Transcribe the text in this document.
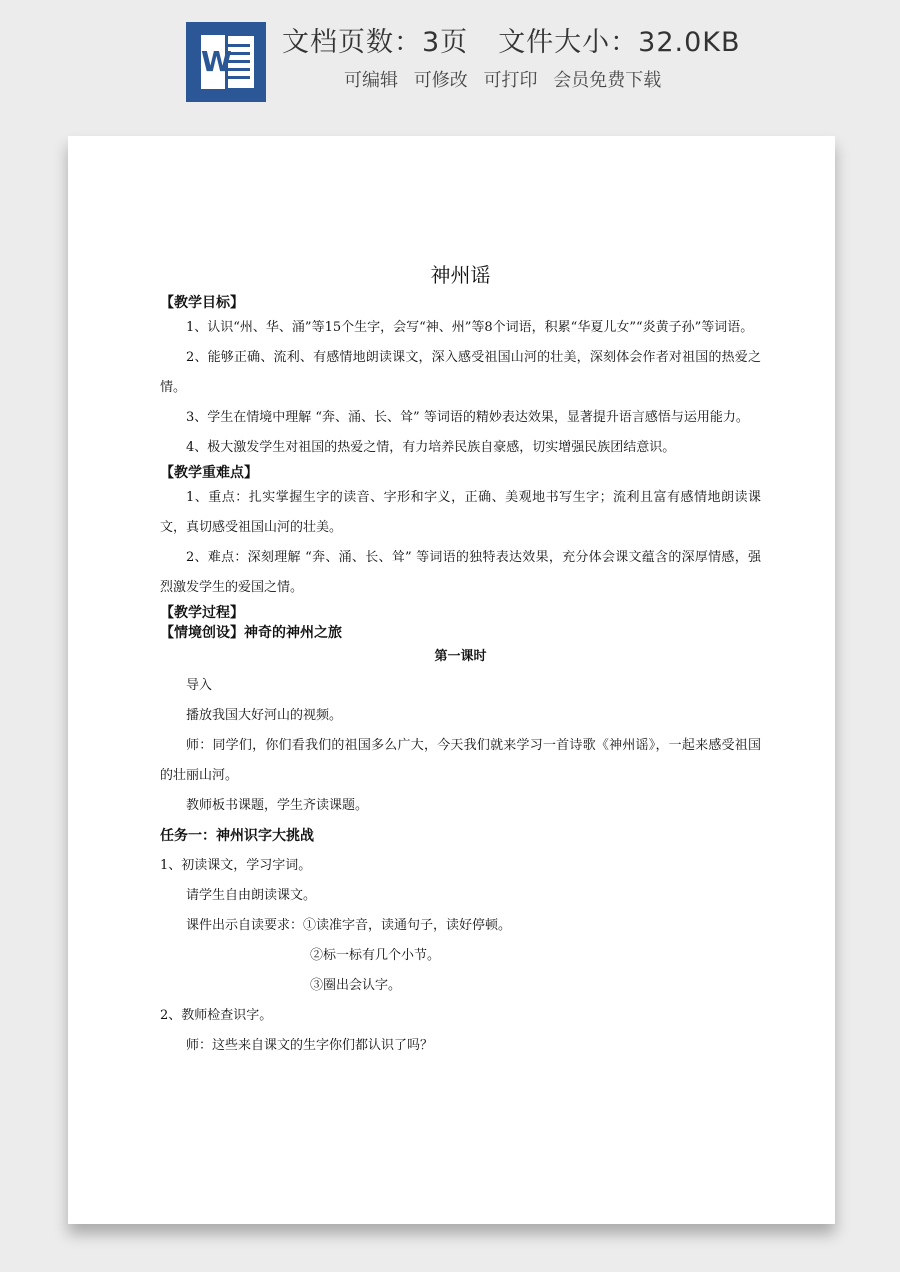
W
文档页数：3页 文件大小：32.0KB
可编辑 可修改 可打印 会员免费下载

神州谣

【教学目标】

1、认识“州、华、涌”等15个生字，会写“神、州”等8个词语，积累“华夏儿女”“炎黄子孙”等词语。

2、能够正确、流利、有感情地朗读课文，深入感受祖国山河的壮美，深刻体会作者对祖国的热爱之情。

3、学生在情境中理解 “奔、涌、长、耸” 等词语的精妙表达效果，显著提升语言感悟与运用能力。

4、极大激发学生对祖国的热爱之情，有力培养民族自豪感，切实增强民族团结意识。

【教学重难点】

1、重点：扎实掌握生字的读音、字形和字义，正确、美观地书写生字；流利且富有感情地朗读课文，真切感受祖国山河的壮美。

2、难点：深刻理解 “奔、涌、长、耸” 等词语的独特表达效果，充分体会课文蕴含的深厚情感，强烈激发学生的爱国之情。

【教学过程】

【情境创设】神奇的神州之旅

第一课时

导入

播放我国大好河山的视频。

师：同学们，你们看我们的祖国多么广大，今天我们就来学习一首诗歌《神州谣》，一起来感受祖国的壮丽山河。

教师板书课题，学生齐读课题。

任务一：神州识字大挑战

1、初读课文，学习字词。

请学生自由朗读课文。

课件出示自读要求：①读准字音，读通句子，读好停顿。

②标一标有几个小节。

③圈出会认字。

2、教师检查识字。

师：这些来自课文的生字你们都认识了吗？
